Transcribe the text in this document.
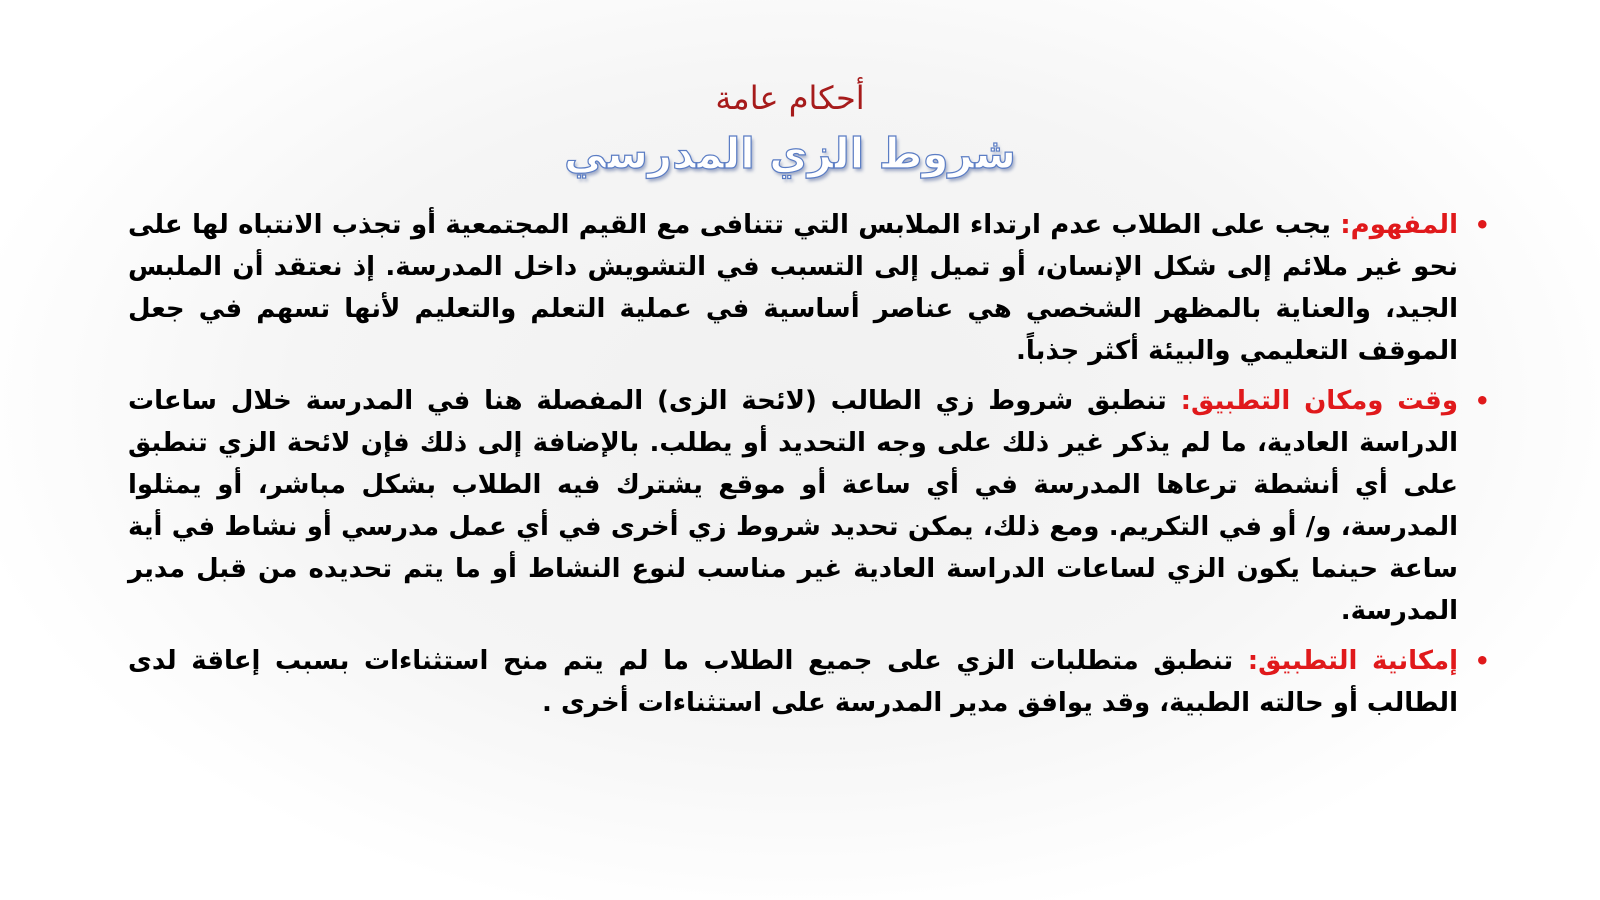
أحكام عامة
شروط الزي المدرسي
•
المفهوم: يجب على الطلاب عدم ارتداء الملابس التي تتنافى مع القيم المجتمعية أو تجذب الانتباه لها على نحو غير ملائم إلى شكل الإنسان، أو تميل إلى التسبب في التشويش داخل المدرسة. إذ نعتقد أن الملبس الجيد، والعناية بالمظهر الشخصي هي عناصر أساسية في عملية التعلم والتعليم لأنها تسهم في جعل الموقف التعليمي والبيئة أكثر جذباً.
•
وقت ومكان التطبيق: تنطبق شروط زي الطالب (لائحة الزى) المفصلة هنا في المدرسة خلال ساعات الدراسة العادية، ما لم يذكر غير ذلك على وجه التحديد أو يطلب. بالإضافة إلى ذلك فإن لائحة الزي تنطبق على أي أنشطة ترعاها المدرسة في أي ساعة أو موقع يشترك فيه الطلاب بشكل مباشر، أو يمثلوا المدرسة، و/ أو في التكريم. ومع ذلك، يمكن تحديد شروط زي أخرى في أي عمل مدرسي أو نشاط في أية ساعة حينما يكون الزي لساعات الدراسة العادية غير مناسب لنوع النشاط أو ما يتم تحديده من قبل مدير المدرسة.
•
إمكانية التطبيق: تنطبق متطلبات الزي على جميع الطلاب ما لم يتم منح استثناءات بسبب إعاقة لدى الطالب أو حالته الطبية، وقد يوافق مدير المدرسة على استثناءات أخرى .
